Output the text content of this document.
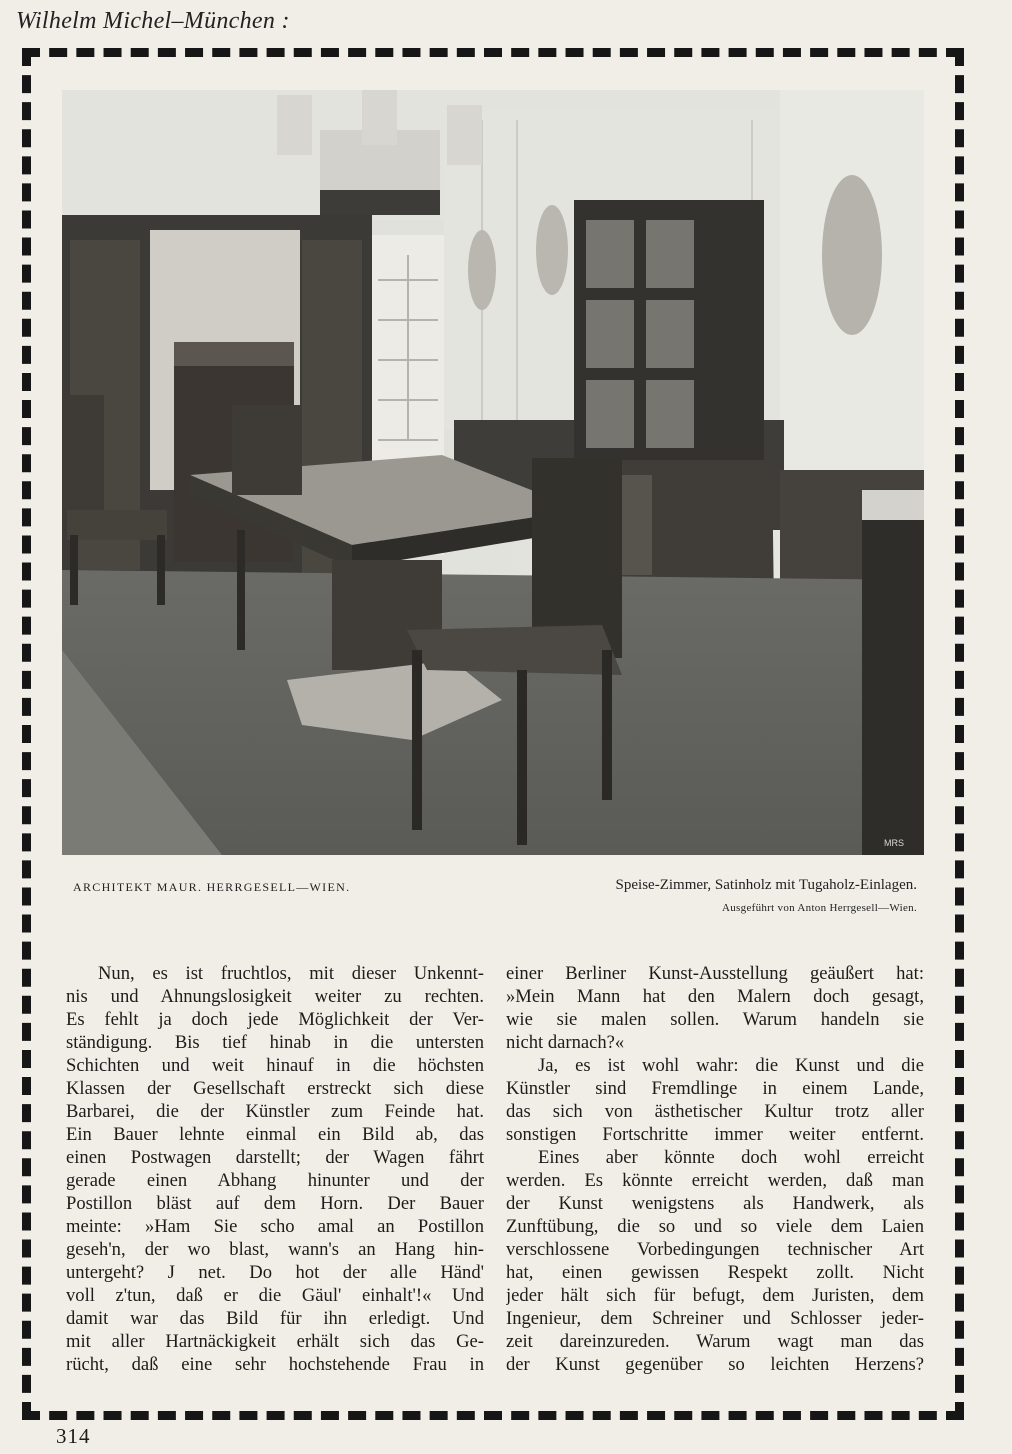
Wilhelm Michel–München :
MRS
ARCHITEKT MAUR. HERRGESELL—WIEN.	Speise-Zimmer, Satinholz mit Tugaholz-Einlagen.
Ausgeführt von Anton Herrgesell—Wien.
Nun, es ist fruchtlos, mit dieser Unkennt-
nis und Ahnungslosigkeit weiter zu rechten.
Es fehlt ja doch jede Möglichkeit der Ver-
ständigung. Bis tief hinab in die untersten
Schichten und weit hinauf in die höchsten
Klassen der Gesellschaft erstreckt sich diese
Barbarei, die der Künstler zum Feinde hat.
Ein Bauer lehnte einmal ein Bild ab, das
einen Postwagen darstellt; der Wagen fährt
gerade einen Abhang hinunter und der
Postillon bläst auf dem Horn. Der Bauer
meinte: »Ham Sie scho amal an Postillon
geseh'n, der wo blast, wann's an Hang hin-
untergeht? J net. Do hot der alle Händ'
voll z'tun, daß er die Gäul' einhalt'!« Und
damit war das Bild für ihn erledigt. Und
mit aller Hartnäckigkeit erhält sich das Ge-
rücht, daß eine sehr hochstehende Frau in
einer Berliner Kunst-Ausstellung geäußert hat:
»Mein Mann hat den Malern doch gesagt,
wie sie malen sollen. Warum handeln sie
nicht darnach?«
Ja, es ist wohl wahr: die Kunst und die
Künstler sind Fremdlinge in einem Lande,
das sich von ästhetischer Kultur trotz aller
sonstigen Fortschritte immer weiter entfernt.
Eines aber könnte doch wohl erreicht
werden. Es könnte erreicht werden, daß man
der Kunst wenigstens als Handwerk, als
Zunftübung, die so und so viele dem Laien
verschlossene Vorbedingungen technischer Art
hat, einen gewissen Respekt zollt. Nicht
jeder hält sich für befugt, dem Juristen, dem
Ingenieur, dem Schreiner und Schlosser jeder-
zeit dareinzureden. Warum wagt man das
der Kunst gegenüber so leichten Herzens?
314
